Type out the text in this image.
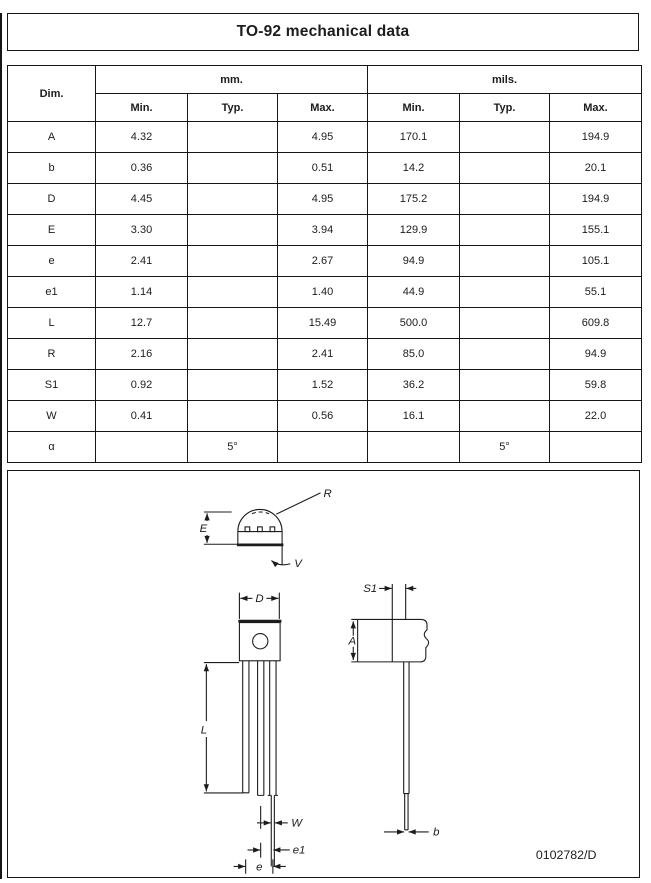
TO-92 mechanical data
Dim.	mm.			mils.		
	Min.	Typ.	Max.	Min.	Typ.	Max.
A	4.32		4.95	170.1		194.9
b	0.36		0.51	14.2		20.1
D	4.45		4.95	175.2		194.9
E	3.30		3.94	129.9		155.1
e	2.41		2.67	94.9		105.1
e1	1.14		1.40	44.9		55.1
L	12.7		15.49	500.0		609.8
R	2.16		2.41	85.0		94.9
S1	0.92		1.52	36.2		59.8
W	0.41		0.56	16.1		22.0
α		5°			5°	
R
E
V
D
L
W
e1
e
S1
A
b
0102782/D
